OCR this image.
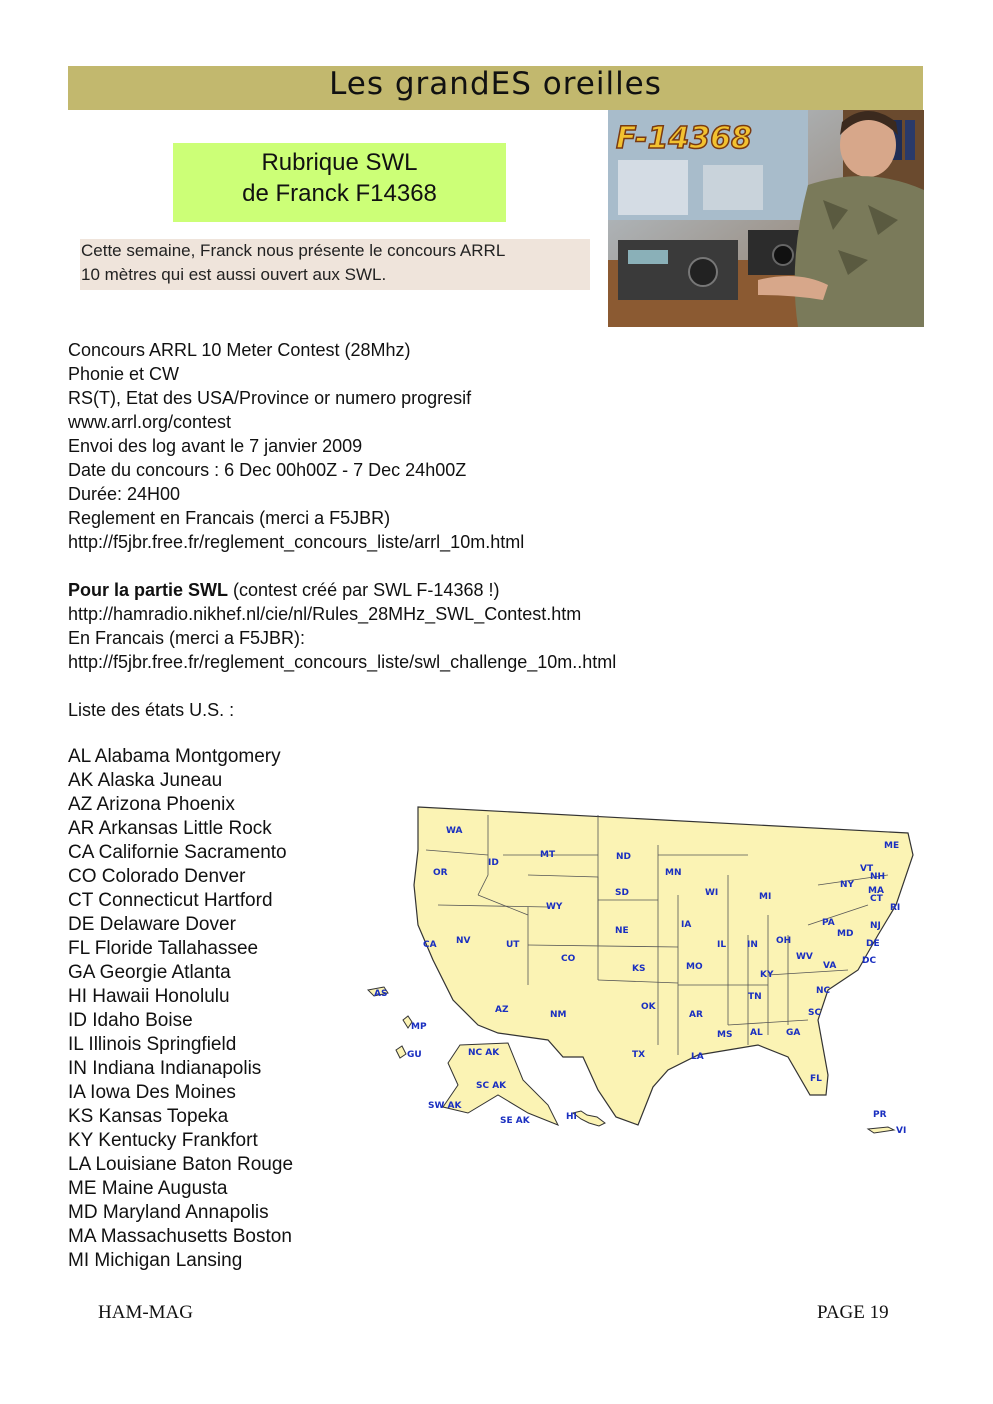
Les grandES oreilles
Rubrique SWL
de Franck F14368
Cette semaine, Franck nous présente le concours ARRL
10 mètres qui est aussi ouvert aux SWL.
F-14368
Concours ARRL 10 Meter Contest (28Mhz)
Phonie et CW
RS(T), Etat des USA/Province or numero progresif
www.arrl.org/contest
Envoi des log avant le 7 janvier 2009
Date du concours : 6 Dec 00h00Z - 7 Dec 24h00Z
Durée: 24H00
Reglement en Francais (merci a F5JBR)
http://f5jbr.free.fr/reglement_concours_liste/arrl_10m.html
Pour la partie SWL (contest créé par SWL F-14368 !)
http://hamradio.nikhef.nl/cie/nl/Rules_28MHz_SWL_Contest.htm
En Francais (merci a F5JBR):
http://f5jbr.free.fr/reglement_concours_liste/swl_challenge_10m..html
Liste des états U.S. :
AL Alabama Montgomery
AK Alaska Juneau
AZ Arizona Phoenix
AR Arkansas Little Rock
CA Californie Sacramento
CO Colorado Denver
CT Connecticut Hartford
DE Delaware Dover
FL Floride Tallahassee
GA Georgie Atlanta
HI Hawaii Honolulu
ID Idaho Boise
IL Illinois Springfield
IN Indiana Indianapolis
IA Iowa Des Moines
KS Kansas Topeka
KY Kentucky Frankfort
LA Louisiane Baton Rouge
ME Maine Augusta
MD Maryland Annapolis
MA Massachusetts Boston
MI Michigan Lansing
WA
OR
CA
ID
NV
MT
WY
UT
AZ
CO
NM
ND
SD
NE
KS
OK
TX
MN
IA
MO
AR
LA
WI
IL
MI
IN OH
KY
TN
MS AL	GA
FL
SC
NC
VA
WV
PA
NY
VT
NH
ME
MA
CT
RI
NJ
DE
MD
DC
AS
MP
GU	NC AK
SC AK
SW AK
SE AK	HI	PR
VI
HAM-MAG	PAGE 19
